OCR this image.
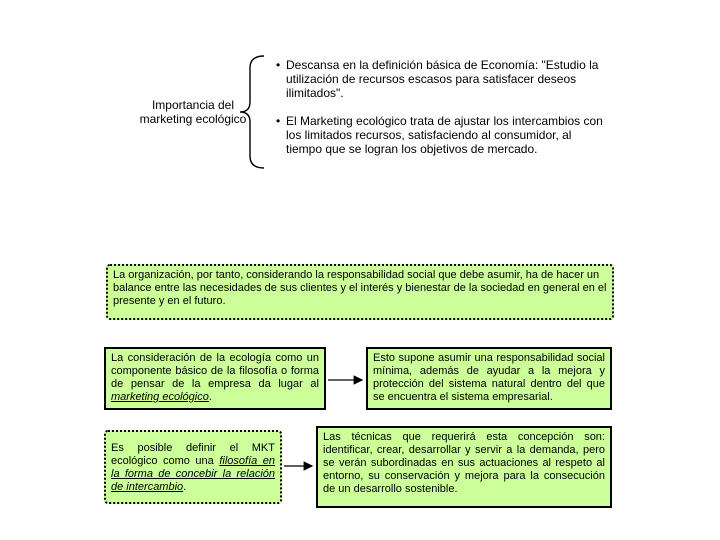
Importancia del marketing ecológico
• Descansa en la definición básica de Economía: "Estudio la utilización de recursos escasos para satisfacer deseos ilimitados".
• El Marketing ecológico trata de ajustar los intercambios con los limitados recursos, satisfaciendo al consumidor, al tiempo que se logran los objetivos de mercado.
La organización, por tanto, considerando la responsabilidad social que debe asumir, ha de hacer un balance entre las necesidades de sus clientes y el interés y bienestar de la sociedad en general en el presente y en el futuro.
La consideración de la ecología como un componente básico de la filosofía o forma de pensar de la empresa da lugar al marketing ecológico.
Esto supone asumir una responsabilidad social mínima, además de ayudar a la mejora y protección del sistema natural dentro del que se encuentra el sistema empresarial.
Es posible definir el MKT ecológico como una filosofía en la forma de concebir la relación de intercambio.
Las técnicas que requerirá esta concepción son: identificar, crear, desarrollar y servir a la demanda, pero se verán subordinadas en sus actuaciones al respeto al entorno, su conservación y mejora para la consecución de un desarrollo sostenible.
